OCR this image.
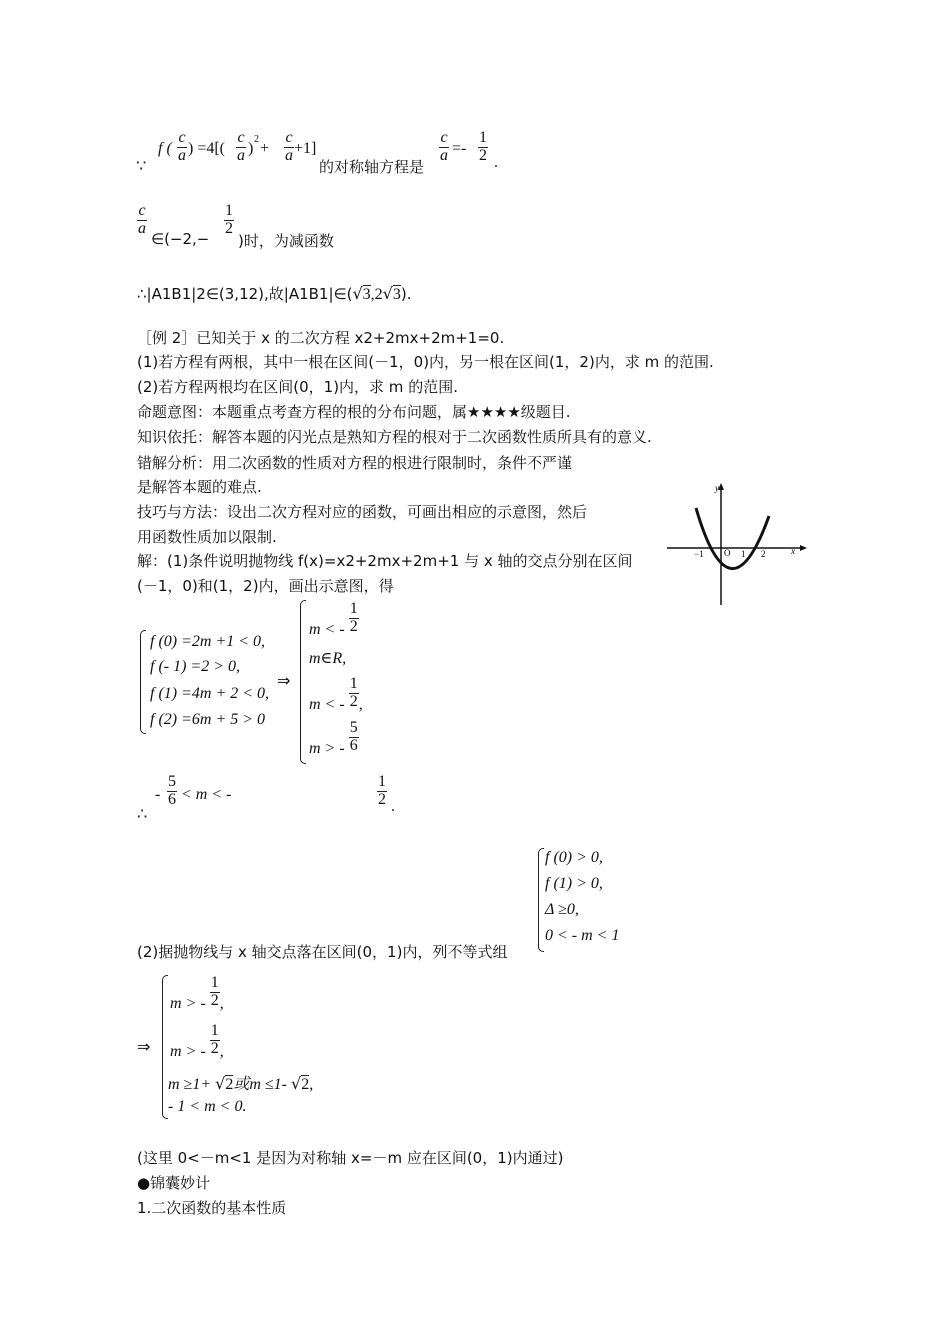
∵
f ( $\frac{c}{a}$ ) $=4[( \frac{c}{a}$ )
2
+ $\frac{c}{a} +1$]
的对称轴方程是
$\frac{c}{a} =- \frac{1}{2}$ .
$\frac{c}{a}$
∈(−2,−
$\frac{1}{2}$
)时，为减函数
∴|A1B1|2∈(3,12),故|A1B1|∈(√3,2√3).
［例 2］已知关于 x 的二次方程 x2+2mx+2m+1=0.
(1)若方程有两根，其中一根在区间(－1，0)内，另一根在区间(1，2)内，求 m 的范围.
(2)若方程两根均在区间(0，1)内，求 m 的范围.
命题意图：本题重点考查方程的根的分布问题，属★★★★级题目.
知识依托：解答本题的闪光点是熟知方程的根对于二次函数性质所具有的意义.
错解分析：用二次函数的性质对方程的根进行限制时，条件不严谨
是解答本题的难点.
技巧与方法：设出二次方程对应的函数，可画出相应的示意图，然后
用函数性质加以限制.
解：(1)条件说明抛物线 f(x)=x2+2mx+2m+1 与 x 轴的交点分别在区间
(－1，0)和(1，2)内，画出示意图，得
y
x
−1 O 1 2
f (0) =2m +1 < 0,
f (- 1) =2 > 0,
f (1) =4m + 2 < 0,
f (2) =6m + 5 > 0
⇒
m < - $\frac{1}{2}$
m∈R,
m < - $\frac{1}{2}$ ,
m > - $\frac{5}{6}$
∴
- $\frac{5}{6} < m$ < -	$\frac{1}{2}$ .
f (0) > 0,
f (1) > 0,
Δ ≥0,
0 < - m < 1
(2)据抛物线与 x 轴交点落在区间(0，1)内，列不等式组
⇒
m > - $\frac{1}{2}$ ,
m > - $\frac{1}{2}$ ,
m ≥1+ √2或m ≤1- √2,
- 1 < m < 0.
(这里 0<－m<1 是因为对称轴 x=－m 应在区间(0，1)内通过)
●锦囊妙计
1.二次函数的基本性质
